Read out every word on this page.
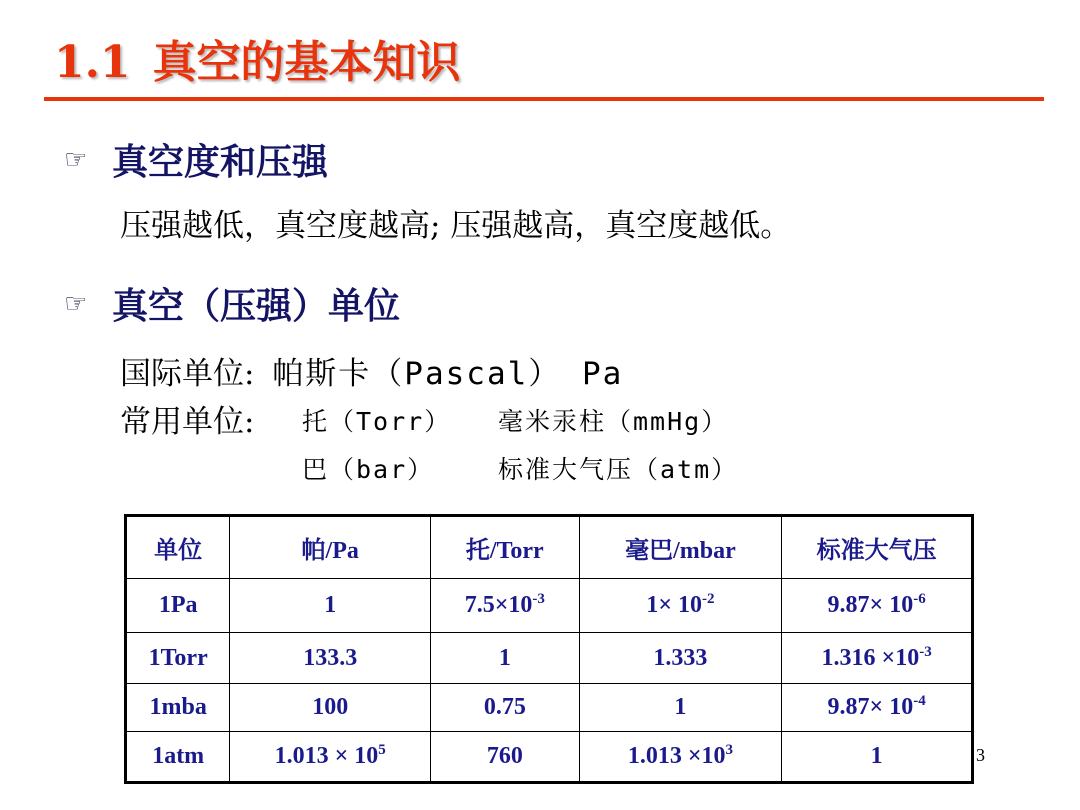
1.1 真空的基本知识
☞ 真空度和压强
压强越低，真空度越高; 压强越高，真空度越低。
☞ 真空（压强）单位
国际单位: 帕斯卡（Pascal） Pa
常用单位: 托（Torr） 毫米汞柱（mmHg）
巴（bar）	标准大气压（atm）
单位	帕/Pa	托/Torr	毫巴/mbar	标准大气压
1Pa	1	$7.5\times 10^{-3}$	$1\times 10^{-2}$	$9.87\times 10^{-6}$
1Torr	133.3	1	1.333	$1.316 \times 10^{-3}$
1mba	100	0.75	1	$9.87\times 10^{-4}$
1atm	$1.013 \times 10^5$	760	$1.013 \times 10^3$	1	3
